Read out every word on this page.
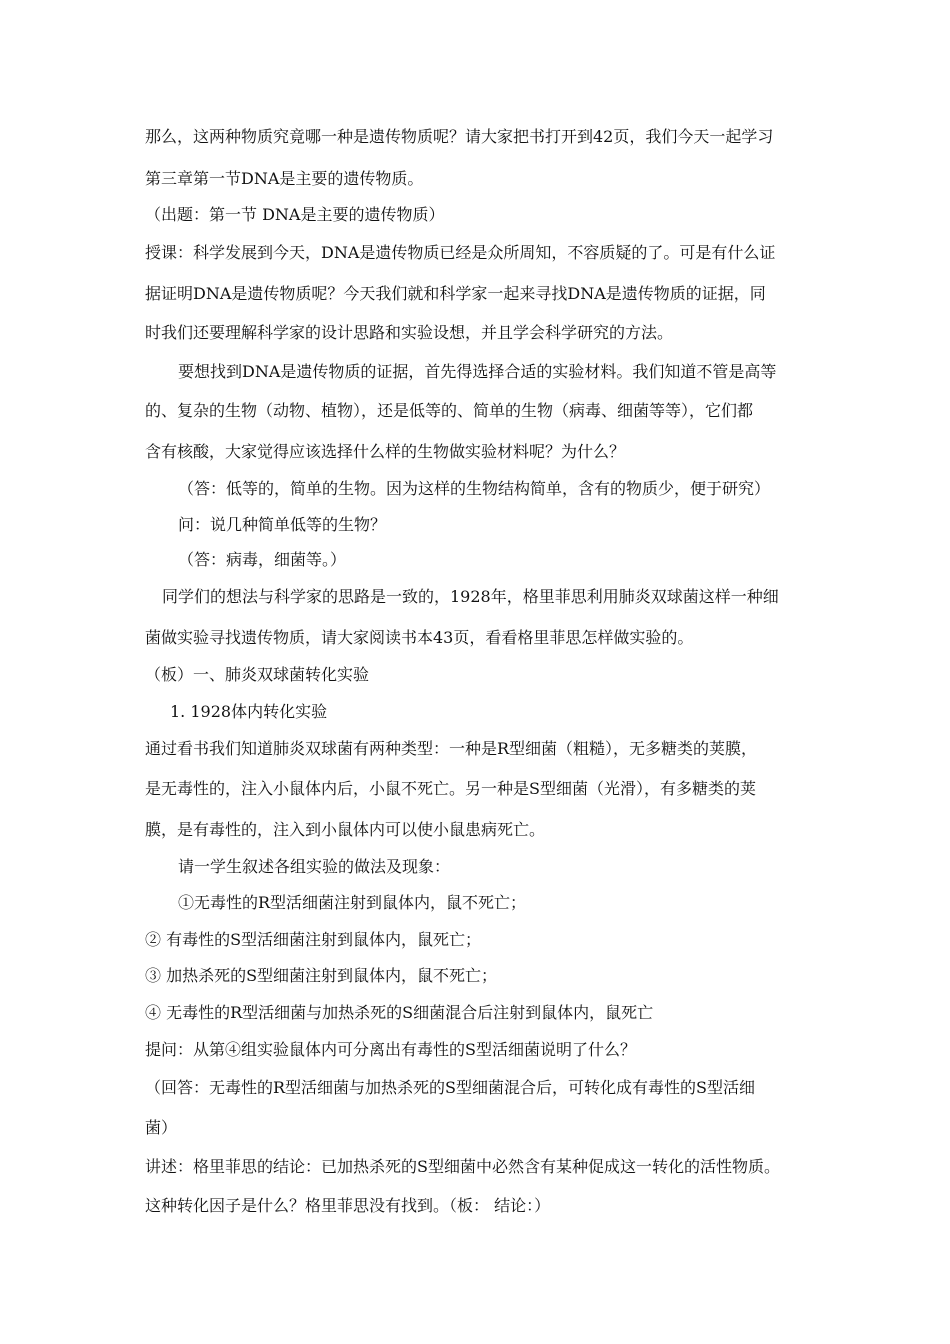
那么，这两种物质究竟哪一种是遗传物质呢？请大家把书打开到42页，我们今天一起学习
第三章第一节DNA是主要的遗传物质。
（出题：第一节 DNA是主要的遗传物质）
授课：科学发展到今天，DNA是遗传物质已经是众所周知，不容质疑的了。可是有什么证
据证明DNA是遗传物质呢？今天我们就和科学家一起来寻找DNA是遗传物质的证据，同
时我们还要理解科学家的设计思路和实验设想，并且学会科学研究的方法。
要想找到DNA是遗传物质的证据，首先得选择合适的实验材料。我们知道不管是高等
的、复杂的生物（动物、植物），还是低等的、简单的生物（病毒、细菌等等），它们都
含有核酸，大家觉得应该选择什么样的生物做实验材料呢？为什么？
（答：低等的，简单的生物。因为这样的生物结构简单，含有的物质少，便于研究）
问：说几种简单低等的生物？
（答：病毒，细菌等。）
同学们的想法与科学家的思路是一致的，1928年，格里菲思利用肺炎双球菌这样一种细
菌做实验寻找遗传物质，请大家阅读书本43页，看看格里菲思怎样做实验的。
（板）一、肺炎双球菌转化实验
1. 1928体内转化实验
通过看书我们知道肺炎双球菌有两种类型：一种是R型细菌（粗糙），无多糖类的荚膜，
是无毒性的，注入小鼠体内后，小鼠不死亡。另一种是S型细菌（光滑），有多糖类的荚
膜，是有毒性的，注入到小鼠体内可以使小鼠患病死亡。
请一学生叙述各组实验的做法及现象：
①无毒性的R型活细菌注射到鼠体内，鼠不死亡；
② 有毒性的S型活细菌注射到鼠体内，鼠死亡；
③ 加热杀死的S型细菌注射到鼠体内，鼠不死亡；
④ 无毒性的R型活细菌与加热杀死的S细菌混合后注射到鼠体内，鼠死亡
提问：从第④组实验鼠体内可分离出有毒性的S型活细菌说明了什么？
（回答：无毒性的R型活细菌与加热杀死的S型细菌混合后，可转化成有毒性的S型活细
菌）
讲述：格里菲思的结论：已加热杀死的S型细菌中必然含有某种促成这一转化的活性物质。
这种转化因子是什么？格里菲思没有找到。（板： 结论：）
